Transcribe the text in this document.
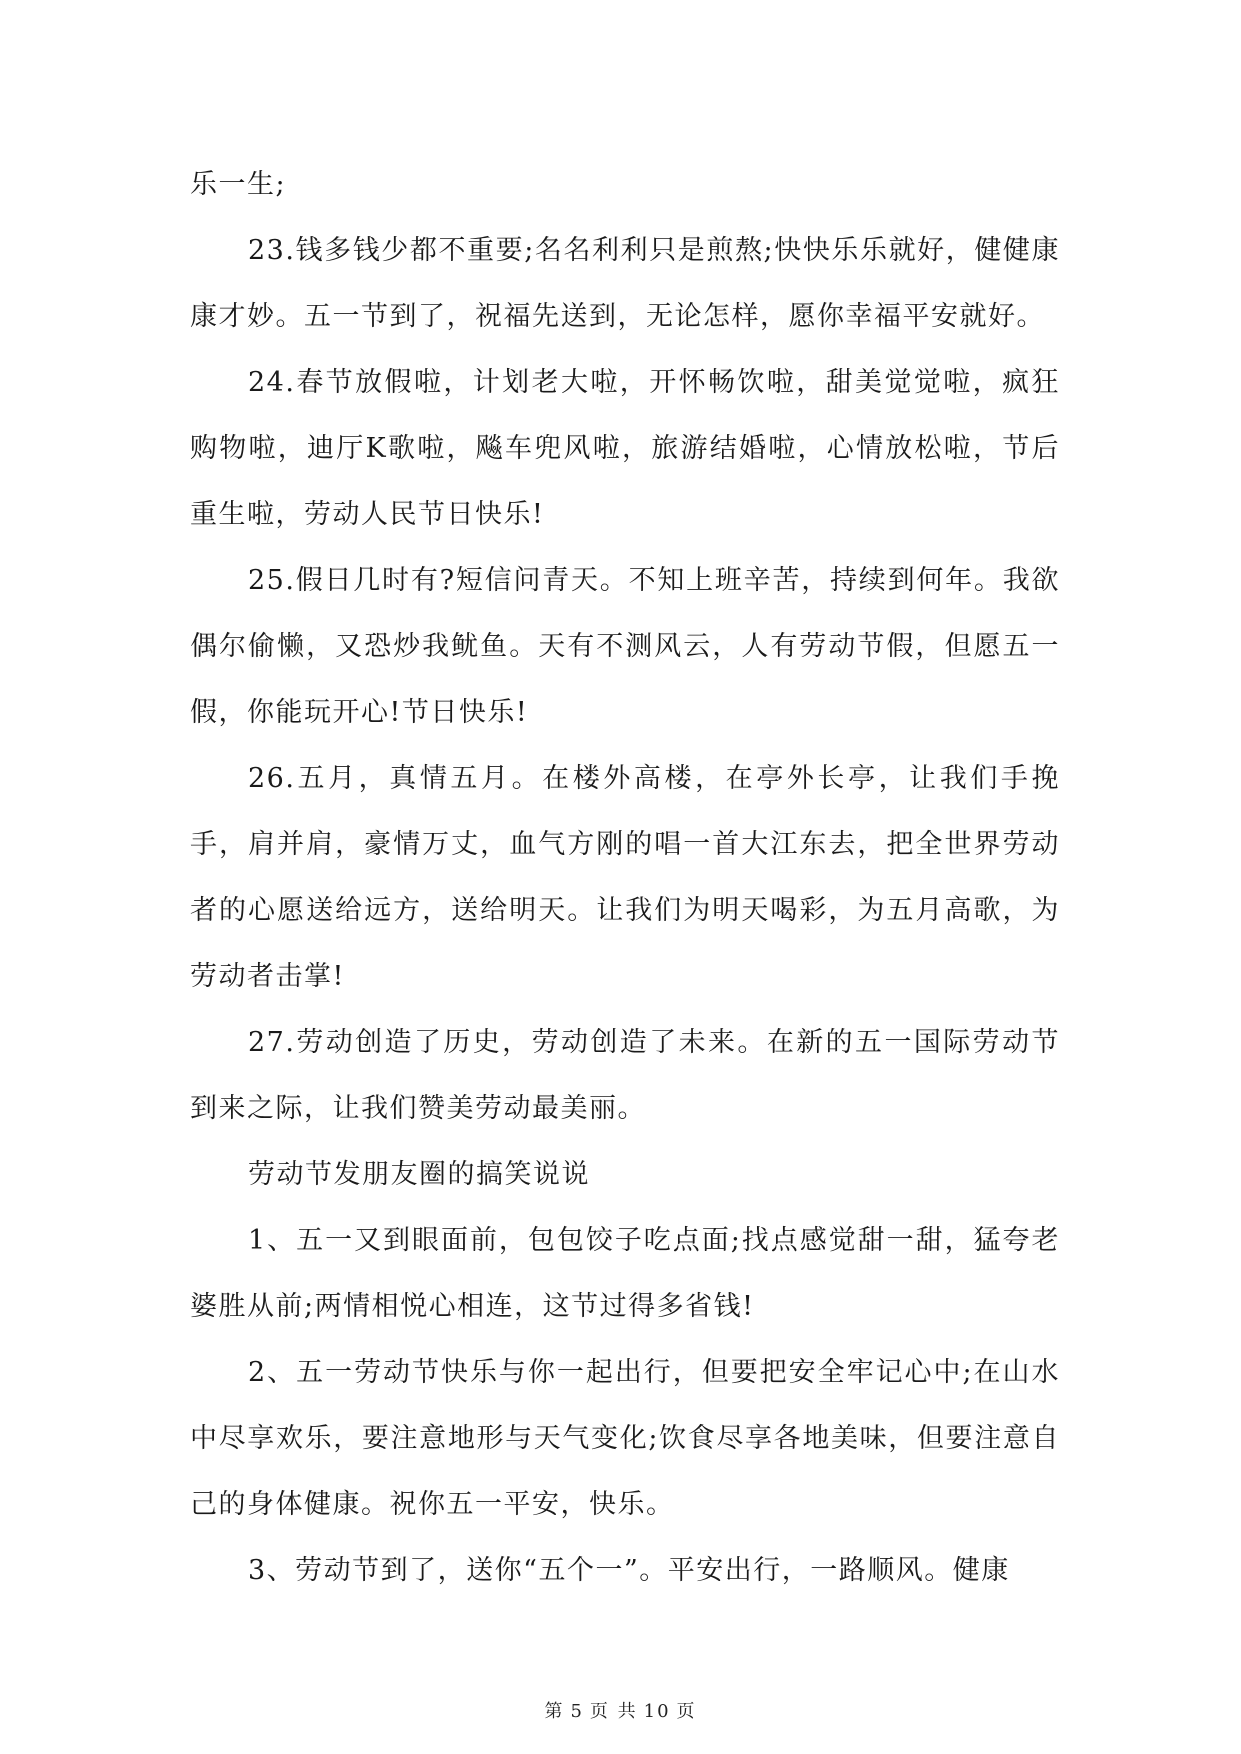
乐一生;

23.钱多钱少都不重要;名名利利只是煎熬;快快乐乐就好，健健康康才妙。五一节到了，祝福先送到，无论怎样，愿你幸福平安就好。

24.春节放假啦，计划老大啦，开怀畅饮啦，甜美觉觉啦，疯狂购物啦，迪厅K歌啦，飚车兜风啦，旅游结婚啦，心情放松啦，节后重生啦，劳动人民节日快乐!

25.假日几时有?短信问青天。不知上班辛苦，持续到何年。我欲偶尔偷懒，又恐炒我鱿鱼。天有不测风云，人有劳动节假，但愿五一假，你能玩开心!节日快乐!

26.五月，真情五月。在楼外高楼，在亭外长亭，让我们手挽手，肩并肩，豪情万丈，血气方刚的唱一首大江东去，把全世界劳动者的心愿送给远方，送给明天。让我们为明天喝彩，为五月高歌，为劳动者击掌!

27.劳动创造了历史，劳动创造了未来。在新的五一国际劳动节到来之际，让我们赞美劳动最美丽。

劳动节发朋友圈的搞笑说说

1、五一又到眼面前，包包饺子吃点面;找点感觉甜一甜，猛夸老婆胜从前;两情相悦心相连，这节过得多省钱!

2、五一劳动节快乐与你一起出行，但要把安全牢记心中;在山水中尽享欢乐，要注意地形与天气变化;饮食尽享各地美味，但要注意自己的身体健康。祝你五一平安，快乐。

3、劳动节到了，送你“五个一”。平安出行，一路顺风。健康

第 5 页 共 10 页
